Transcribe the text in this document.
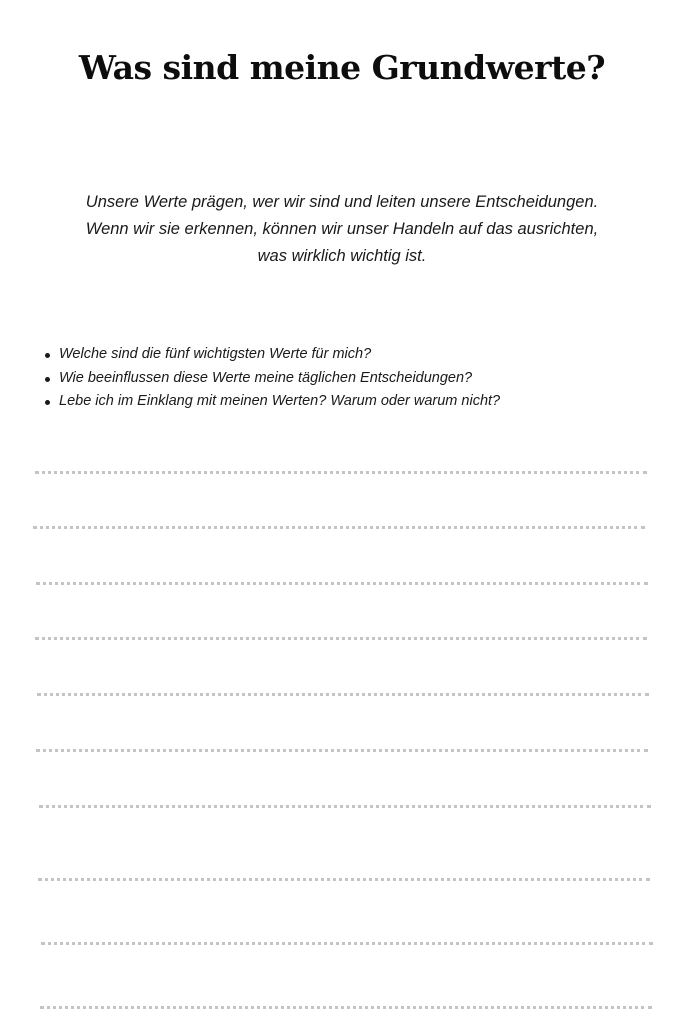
Was sind meine Grundwerte?

Unsere Werte prägen, wer wir sind und leiten unsere Entscheidungen.
Wenn wir sie erkennen, können wir unser Handeln auf das ausrichten,
was wirklich wichtig ist.

Welche sind die fünf wichtigsten Werte für mich?
Wie beeinflussen diese Werte meine täglichen Entscheidungen?
Lebe ich im Einklang mit meinen Werten? Warum oder warum nicht?
